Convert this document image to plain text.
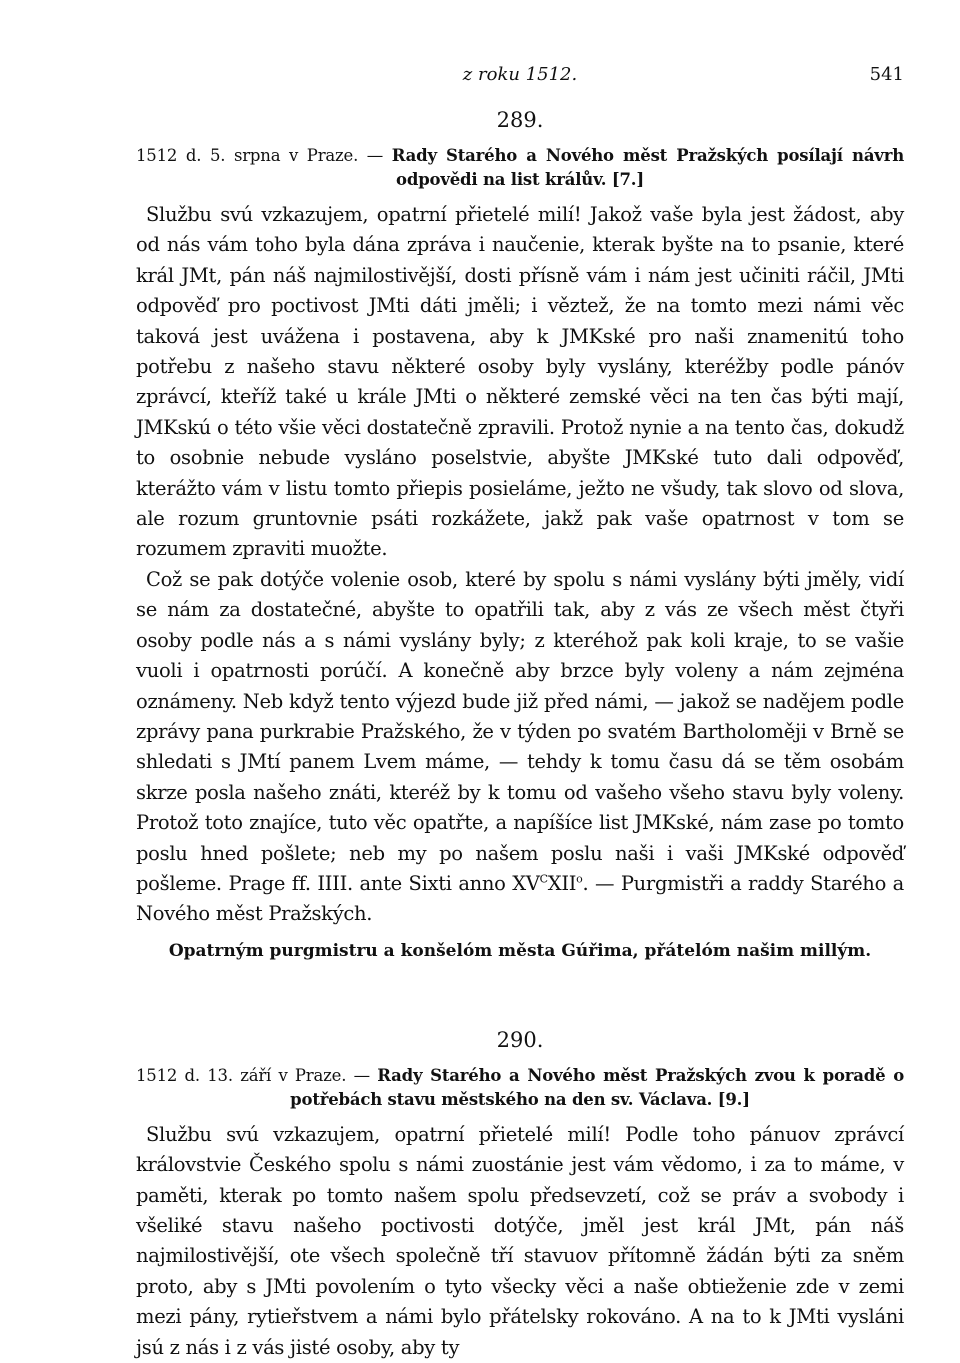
z roku 1512.	541
289.
1512 d. 5. srpna v Praze. — Rady Starého a Nového měst Pražských posílají návrh odpovědi na list králův. [7.]

Službu svú vzkazujem, opatrní přietelé milí! Jakož vaše byla jest žádost, aby od nás vám toho byla dána zpráva i naučenie, kterak byšte na to psanie, které král JMt, pán náš najmilostivější, dosti přísně vám i nám jest učiniti ráčil, JMti odpověď pro poctivost JMti dáti jměli; i věztež, že na tomto mezi námi věc taková jest uvážena i postavena, aby k JMKské pro naši znamenitú toho potřebu z našeho stavu některé osoby byly vyslány, kteréžby podle pánóv zprávcí, kteříž také u krále JMti o některé zemské věci na ten čas býti mají, JMKskú o této všie věci dostatečně zpravili. Protož nynie a na tento čas, dokudž to osobnie nebude vysláno poselstvie, abyšte JMKské tuto dali odpověď, kterážto vám v listu tomto přiepis posieláme, ježto ne všudy, tak slovo od slova, ale rozum gruntovnie psáti rozkážete, jakž pak vaše opatrnost v tom se rozumem zpraviti muožte.

Což se pak dotýče volenie osob, které by spolu s námi vyslány býti jměly, vidí se nám za dostatečné, abyšte to opatřili tak, aby z vás ze všech měst čtyři osoby podle nás a s námi vyslány byly; z kteréhož pak koli kraje, to se vašie vuoli i opatrnosti porúčí. A konečně aby brzce byly voleny a nám zejména oznámeny. Neb když tento výjezd bude již před námi, — jakož se nadějem podle zprávy pana purkrabie Pražského, že v týden po svatém Bartholoměji v Brně se shledati s JMtí panem Lvem máme, — tehdy k tomu času dá se těm osobám skrze posla našeho znáti, kteréž by k tomu od vašeho všeho stavu byly voleny. Protož toto znajíce, tuto věc opatřte, a napíšíce list JMKské, nám zase po tomto poslu hned pošlete; neb my po našem poslu naši i vaši JMKské odpověď pošleme. Prage ff. IIII. ante Sixti anno $XV^CXII^o$. — Purgmistři a raddy Starého a Nového měst Pražských.

Opatrným purgmistru a konšelóm města Gúřima, přátelóm našim millým.
290.
1512 d. 13. září v Praze. — Rady Starého a Nového měst Pražských zvou k poradě o potřebách stavu městského na den sv. Václava. [9.]

Službu svú vzkazujem, opatrní přietelé milí! Podle toho pánuov zprávcí královstvie Českého spolu s námi zuostánie jest vám vědomo, i za to máme, v paměti, kterak po tomto našem spolu předsevzetí, což se práv a svobody i všeliké stavu našeho poctivosti dotýče, jměl jest král JMt, pán náš najmilostivější, ote všech společně tří stavuov přítomně žádán býti za sněm proto, aby s JMti povolením o tyto všecky věci a naše obtieženie zde v zemi mezi pány, rytieřstvem a námi bylo přátelsky rokováno. A na to k JMti vysláni jsú z nás i z vás jisté osoby, aby ty
